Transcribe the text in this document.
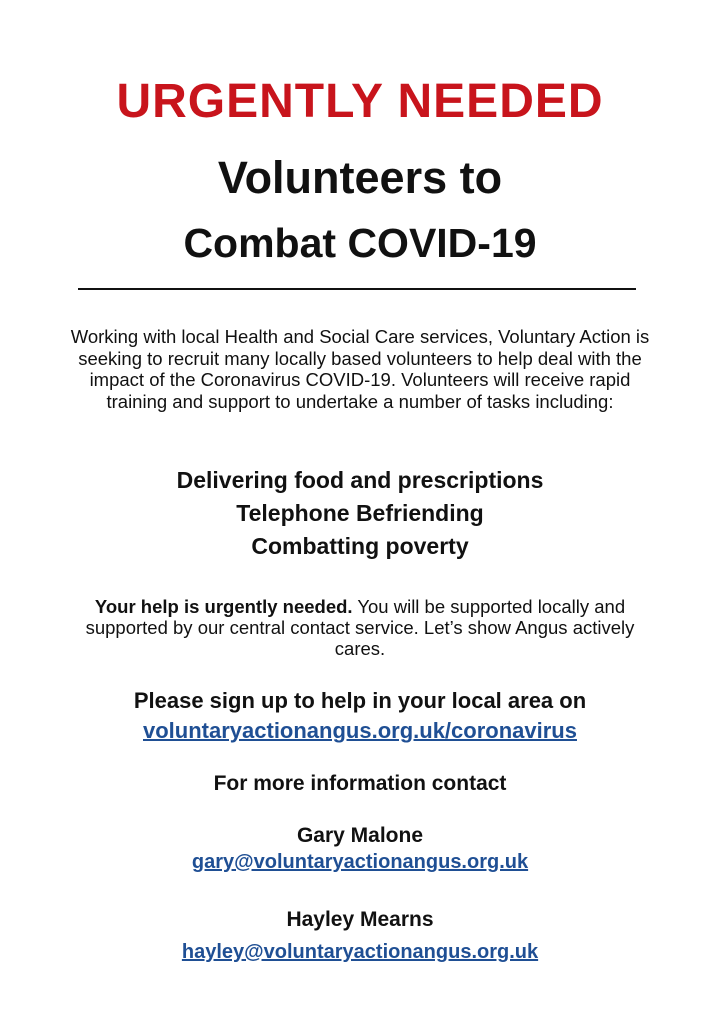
URGENTLY NEEDED
Volunteers to
Combat COVID-19

Working with local Health and Social Care services, Voluntary Action is seeking to recruit many locally based volunteers to help deal with the impact of the Coronavirus COVID-19. Volunteers will receive rapid training and support to undertake a number of tasks including:

Delivering food and prescriptions
Telephone Befriending
Combatting poverty

Your help is urgently needed. You will be supported locally and supported by our central contact service. Let’s show Angus actively cares.

Please sign up to help in your local area on
voluntaryactionangus.org.uk/coronavirus
For more information contact
Gary Malone
gary@voluntaryactionangus.org.uk
Hayley Mearns
hayley@voluntaryactionangus.org.uk
